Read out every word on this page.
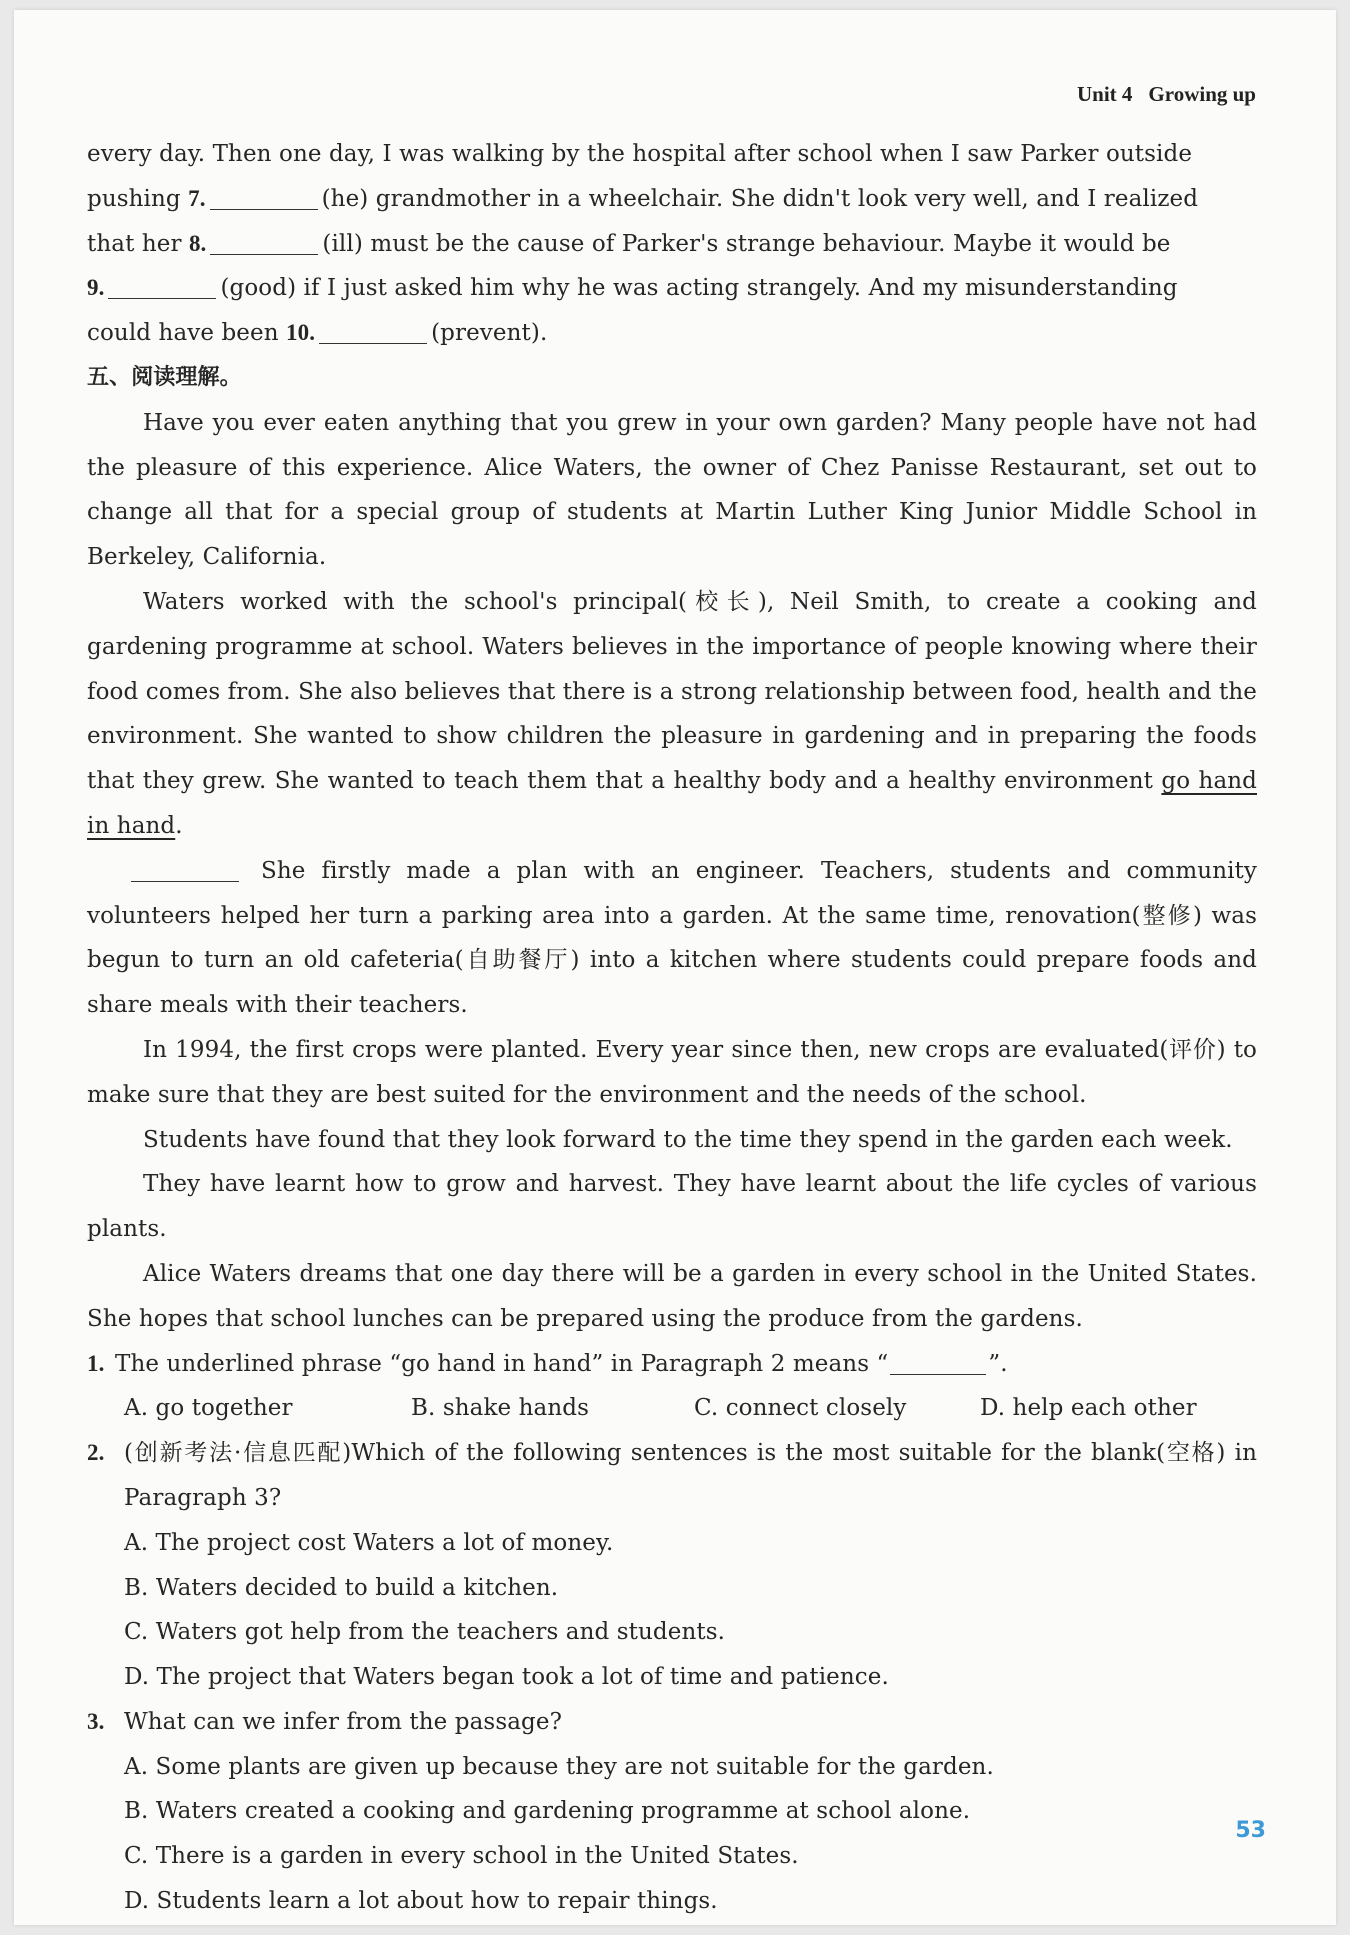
Unit 4 Growing up

every day. Then one day, I was walking by the hospital after school when I saw Parker outside

pushing 7.	(he) grandmother in a wheelchair. She didn't look very well, and I realized

that her 8.	(ill) must be the cause of Parker's strange behaviour. Maybe it would be

9.	(good) if I just asked him why he was acting strangely. And my misunderstanding

could have been 10.	(prevent).

五、阅读理解。

Have you ever eaten anything that you grew in your own garden? Many people have not had the pleasure of this experience. Alice Waters, the owner of Chez Panisse Restaurant, set out to change all that for a special group of students at Martin Luther King Junior Middle School in Berkeley, California.

Waters worked with the school's principal(校长), Neil Smith, to create a cooking and gardening programme at school. Waters believes in the importance of people knowing where their food comes from. She also believes that there is a strong relationship between food, health and the environment. She wanted to show children the pleasure in gardening and in preparing the foods that they grew. She wanted to teach them that a healthy body and a healthy environment go hand in hand.

She firstly made a plan with an engineer. Teachers, students and community volunteers helped her turn a parking area into a garden. At the same time, renovation(整修) was begun to turn an old cafeteria(自助餐厅) into a kitchen where students could prepare foods and share meals with their teachers.

In 1994, the first crops were planted. Every year since then, new crops are evaluated(评价) to make sure that they are best suited for the environment and the needs of the school.

Students have found that they look forward to the time they spend in the garden each week.

They have learnt how to grow and harvest. They have learnt about the life cycles of various plants.

Alice Waters dreams that one day there will be a garden in every school in the United States. She hopes that school lunches can be prepared using the produce from the gardens.

1. The underlined phrase “go hand in hand” in Paragraph 2 means “	”.

A. go together	B. shake hands	C. connect closely	D. help each other

2. (创新考法·信息匹配)Which of the following sentences is the most suitable for the blank(空格) in Paragraph 3?

A. The project cost Waters a lot of money.

B. Waters decided to build a kitchen.

C. Waters got help from the teachers and students.

D. The project that Waters began took a lot of time and patience.

3. What can we infer from the passage?

A. Some plants are given up because they are not suitable for the garden.

B. Waters created a cooking and gardening programme at school alone.

C. There is a garden in every school in the United States.

D. Students learn a lot about how to repair things.

53
